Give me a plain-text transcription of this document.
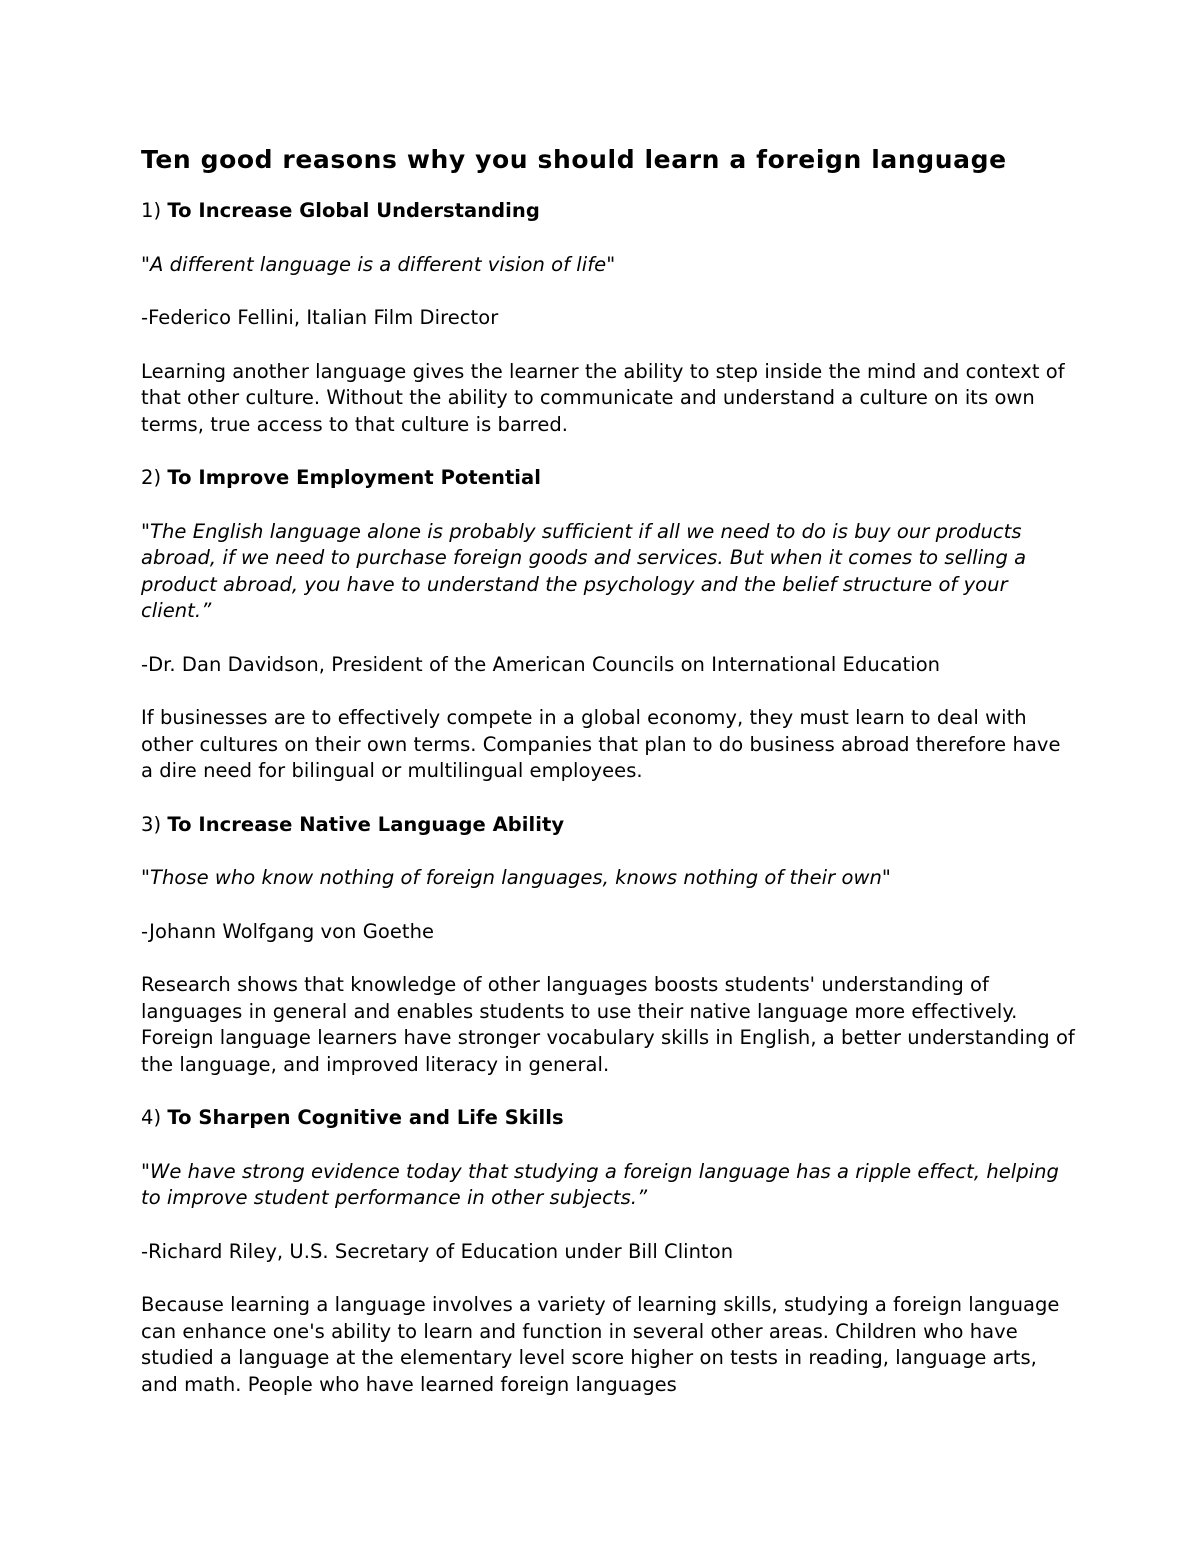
Ten good reasons why you should learn a foreign language
1) To Increase Global Understanding
"A different language is a different vision of life"
-Federico Fellini, Italian Film Director
Learning another language gives the learner the ability to step inside the mind and context of that other culture. Without the ability to communicate and understand a culture on its own terms, true access to that culture is barred.
2) To Improve Employment Potential
"The English language alone is probably sufficient if all we need to do is buy our products abroad, if we need to purchase foreign goods and services. But when it comes to selling a product abroad, you have to understand the psychology and the belief structure of your client.”
-Dr. Dan Davidson, President of the American Councils on International Education
If businesses are to effectively compete in a global economy, they must learn to deal with other cultures on their own terms. Companies that plan to do business abroad therefore have a dire need for bilingual or multilingual employees.
3) To Increase Native Language Ability
"Those who know nothing of foreign languages, knows nothing of their own"
-Johann Wolfgang von Goethe
Research shows that knowledge of other languages boosts students' understanding of languages in general and enables students to use their native language more effectively. Foreign language learners have stronger vocabulary skills in English, a better understanding of the language, and improved literacy in general.
4) To Sharpen Cognitive and Life Skills
"We have strong evidence today that studying a foreign language has a ripple effect, helping to improve student performance in other subjects.”
-Richard Riley, U.S. Secretary of Education under Bill Clinton
Because learning a language involves a variety of learning skills, studying a foreign language can enhance one's ability to learn and function in several other areas. Children who have studied a language at the elementary level score higher on tests in reading, language arts, and math. People who have learned foreign languages
